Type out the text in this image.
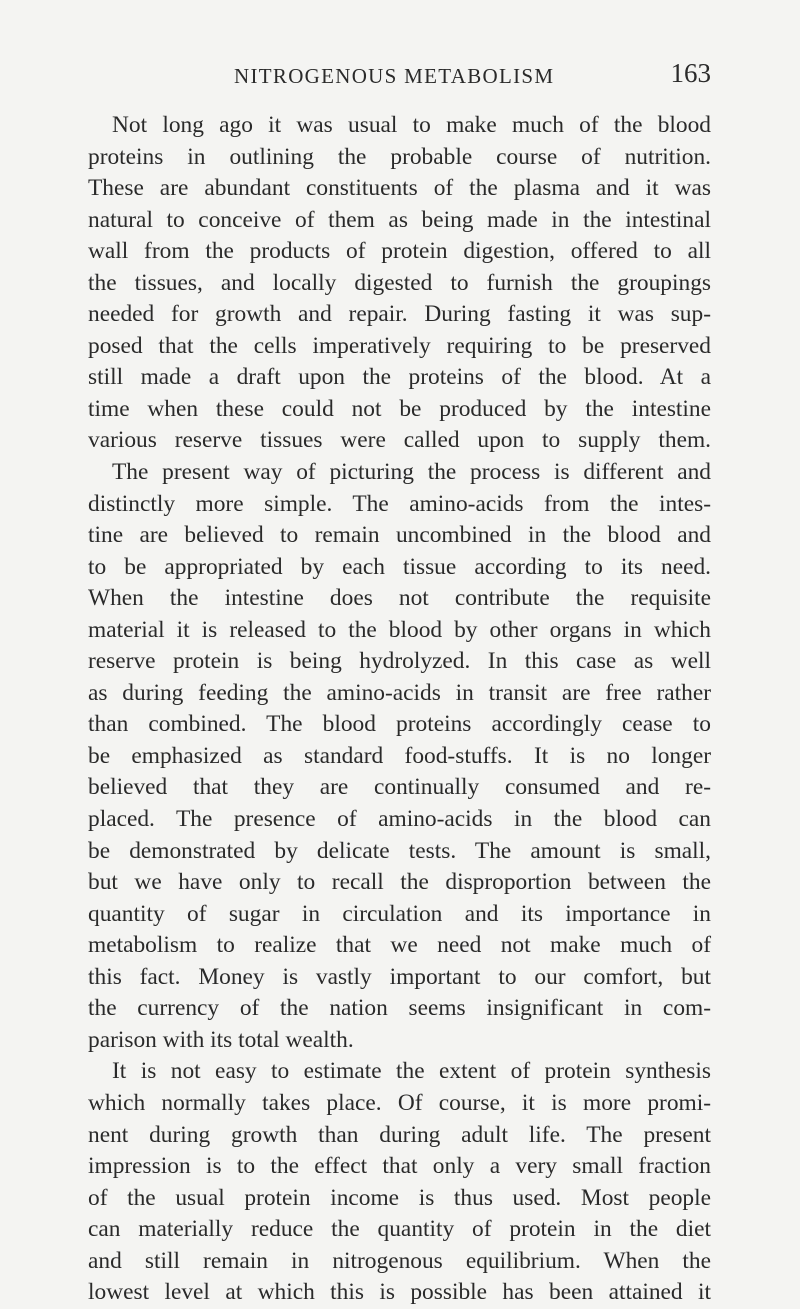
NITROGENOUS METABOLISM	163
Not long ago it was usual to make much of the blood
proteins in outlining the probable course of nutrition.
These are abundant constituents of the plasma and it was
natural to conceive of them as being made in the intestinal
wall from the products of protein digestion, offered to all
the tissues, and locally digested to furnish the groupings
needed for growth and repair. During fasting it was sup-
posed that the cells imperatively requiring to be preserved
still made a draft upon the proteins of the blood. At a
time when these could not be produced by the intestine
various reserve tissues were called upon to supply them.
The present way of picturing the process is different and
distinctly more simple. The amino-acids from the intes-
tine are believed to remain uncombined in the blood and
to be appropriated by each tissue according to its need.
When the intestine does not contribute the requisite
material it is released to the blood by other organs in which
reserve protein is being hydrolyzed. In this case as well
as during feeding the amino-acids in transit are free rather
than combined. The blood proteins accordingly cease to
be emphasized as standard food-stuffs. It is no longer
believed that they are continually consumed and re-
placed. The presence of amino-acids in the blood can
be demonstrated by delicate tests. The amount is small,
but we have only to recall the disproportion between the
quantity of sugar in circulation and its importance in
metabolism to realize that we need not make much of
this fact. Money is vastly important to our comfort, but
the currency of the nation seems insignificant in com-
parison with its total wealth.
It is not easy to estimate the extent of protein synthesis
which normally takes place. Of course, it is more promi-
nent during growth than during adult life. The present
impression is to the effect that only a very small fraction
of the usual protein income is thus used. Most people
can materially reduce the quantity of protein in the diet
and still remain in nitrogenous equilibrium. When the
lowest level at which this is possible has been attained it
